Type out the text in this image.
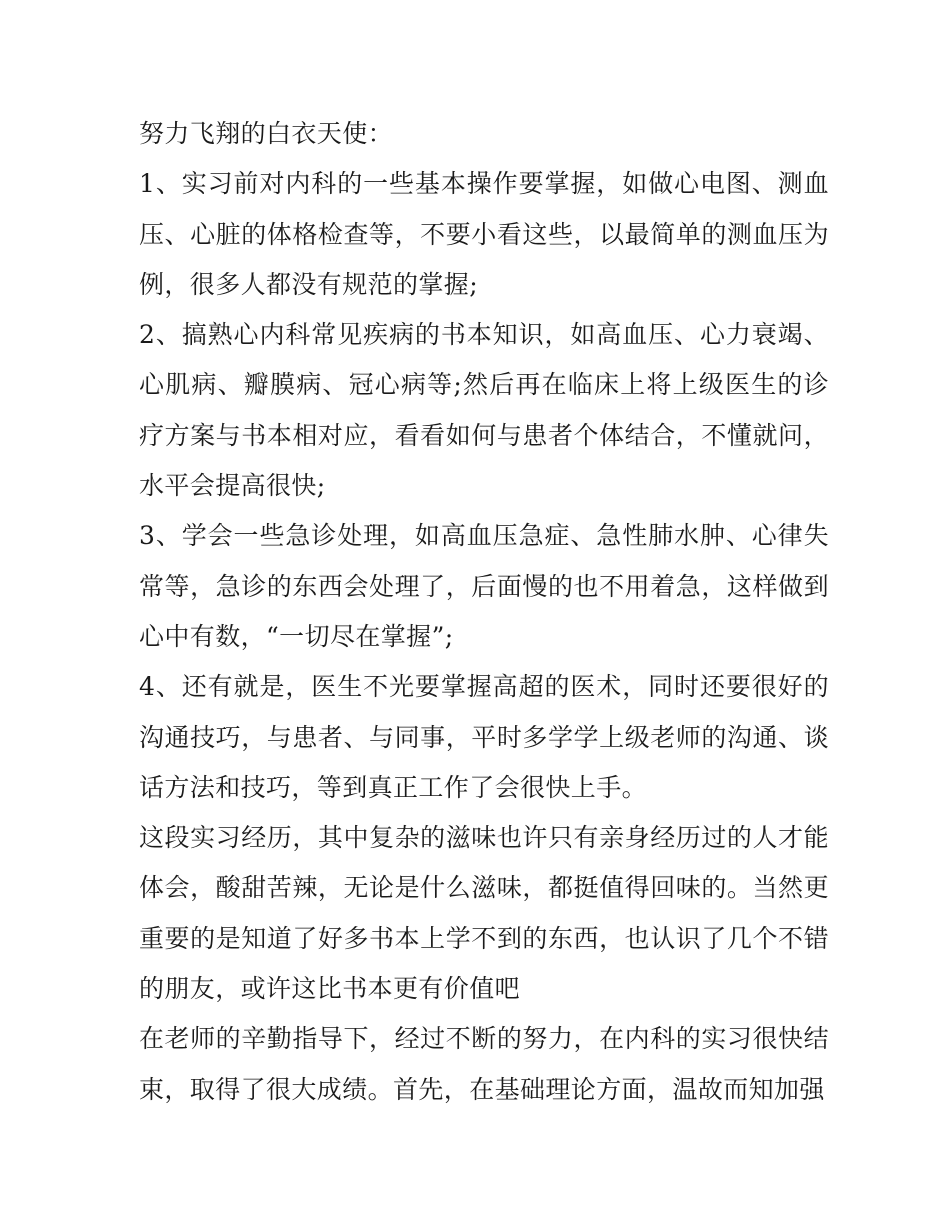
努力飞翔的白衣天使：

1、实习前对内科的一些基本操作要掌握，如做心电图、测血压、心脏的体格检查等，不要小看这些，以最简单的测血压为例，很多人都没有规范的掌握;

2、搞熟心内科常见疾病的书本知识，如高血压、心力衰竭、心肌病、瓣膜病、冠心病等;然后再在临床上将上级医生的诊疗方案与书本相对应，看看如何与患者个体结合，不懂就问，水平会提高很快;

3、学会一些急诊处理，如高血压急症、急性肺水肿、心律失常等，急诊的东西会处理了，后面慢的也不用着急，这样做到心中有数，“一切尽在掌握”;

4、还有就是，医生不光要掌握高超的医术，同时还要很好的沟通技巧，与患者、与同事，平时多学学上级老师的沟通、谈话方法和技巧，等到真正工作了会很快上手。

这段实习经历，其中复杂的滋味也许只有亲身经历过的人才能体会，酸甜苦辣，无论是什么滋味，都挺值得回味的。当然更重要的是知道了好多书本上学不到的东西，也认识了几个不错的朋友，或许这比书本更有价值吧

在老师的辛勤指导下，经过不断的努力，在内科的实习很快结束，取得了很大成绩。首先，在基础理论方面，温故而知加强
